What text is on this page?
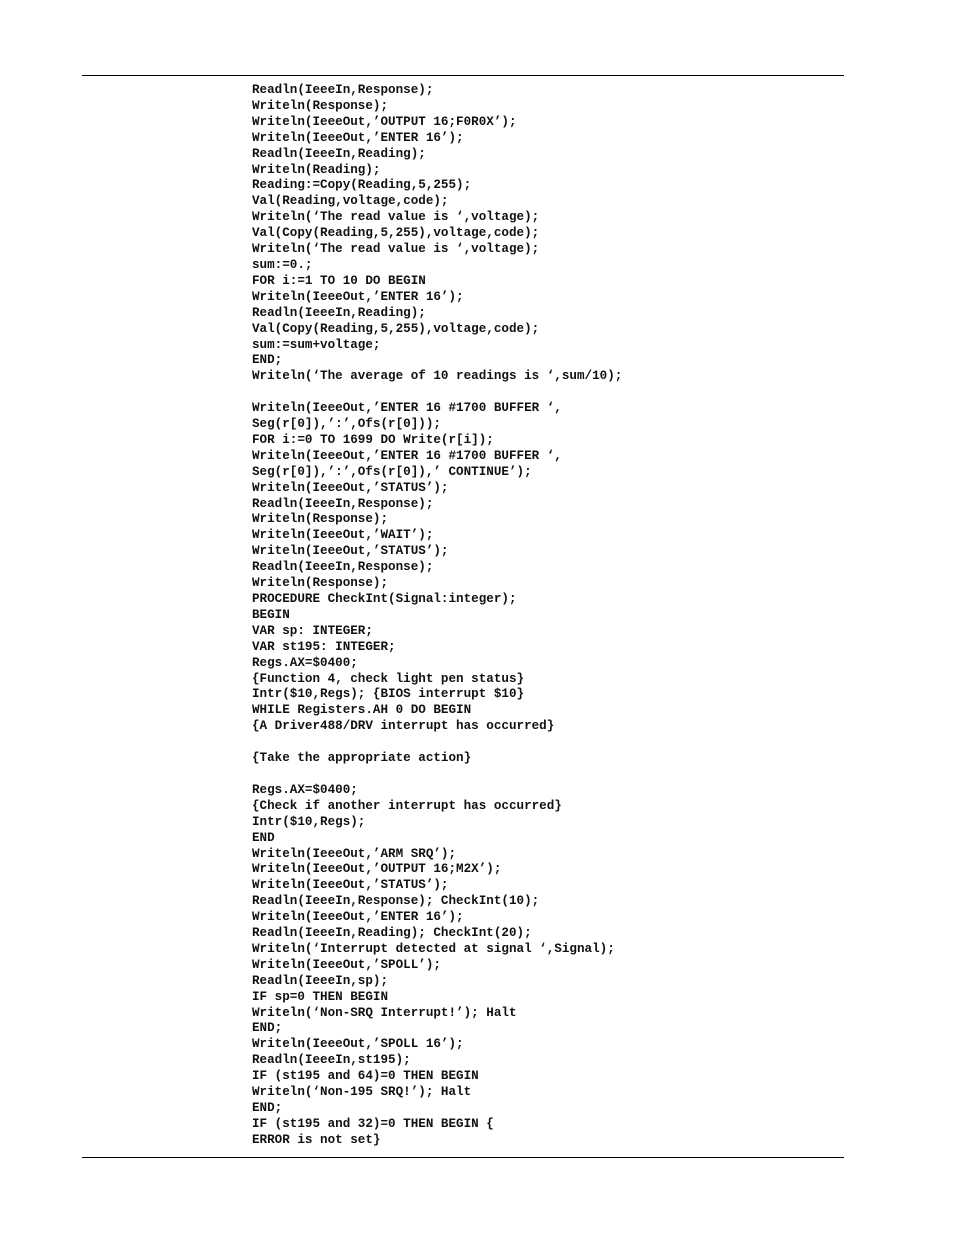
Readln(IeeeIn,Response);
Writeln(Response);
Writeln(IeeeOut,’OUTPUT 16;F0R0X’);
Writeln(IeeeOut,’ENTER 16’);
Readln(IeeeIn,Reading);
Writeln(Reading);
Reading:=Copy(Reading,5,255);
Val(Reading,voltage,code);
Writeln(‘The read value is ‘,voltage);
Val(Copy(Reading,5,255),voltage,code);
Writeln(‘The read value is ‘,voltage);
sum:=0.;
FOR i:=1 TO 10 DO BEGIN
Writeln(IeeeOut,’ENTER 16’);
Readln(IeeeIn,Reading);
Val(Copy(Reading,5,255),voltage,code);
sum:=sum+voltage;
END;
Writeln(‘The average of 10 readings is ‘,sum/10);
Writeln(IeeeOut,’ENTER 16 #1700 BUFFER ‘,
Seg(r[0]),’:’,Ofs(r[0]));
FOR i:=0 TO 1699 DO Write(r[i]);
Writeln(IeeeOut,’ENTER 16 #1700 BUFFER ‘,
Seg(r[0]),’:’,Ofs(r[0]),’ CONTINUE’);
Writeln(IeeeOut,’STATUS’);
Readln(IeeeIn,Response);
Writeln(Response);
Writeln(IeeeOut,’WAIT’);
Writeln(IeeeOut,’STATUS’);
Readln(IeeeIn,Response);
Writeln(Response);
PROCEDURE CheckInt(Signal:integer);
BEGIN
VAR sp: INTEGER;
VAR st195: INTEGER;
Regs.AX=$0400;
{Function 4, check light pen status}
Intr($10,Regs); {BIOS interrupt $10}
WHILE Registers.AH 0 DO BEGIN
{A Driver488/DRV interrupt has occurred}
{Take the appropriate action}
Regs.AX=$0400;
{Check if another interrupt has occurred}
Intr($10,Regs);
END
Writeln(IeeeOut,’ARM SRQ’);
Writeln(IeeeOut,’OUTPUT 16;M2X’);
Writeln(IeeeOut,’STATUS’);
Readln(IeeeIn,Response); CheckInt(10);
Writeln(IeeeOut,’ENTER 16’);
Readln(IeeeIn,Reading); CheckInt(20);
Writeln(‘Interrupt detected at signal ‘,Signal);
Writeln(IeeeOut,’SPOLL’);
Readln(IeeeIn,sp);
IF sp=0 THEN BEGIN
Writeln(‘Non-SRQ Interrupt!’); Halt
END;
Writeln(IeeeOut,’SPOLL 16’);
Readln(IeeeIn,st195);
IF (st195 and 64)=0 THEN BEGIN
Writeln(‘Non-195 SRQ!’); Halt
END;
IF (st195 and 32)=0 THEN BEGIN {
ERROR is not set}
